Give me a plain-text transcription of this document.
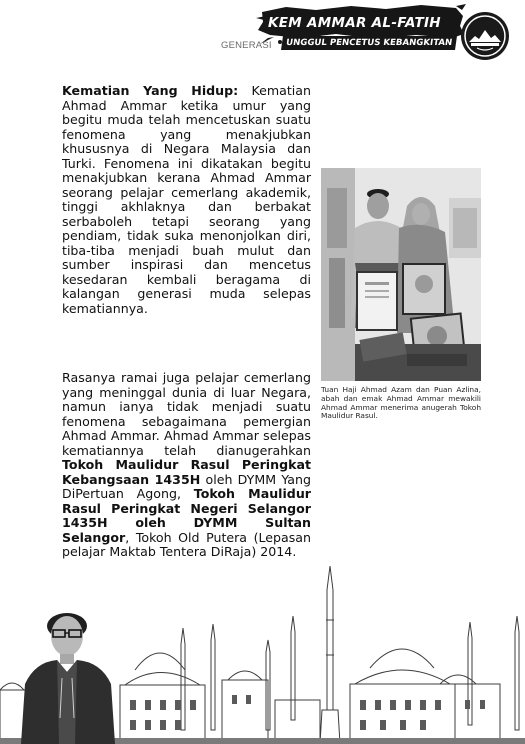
KEM AMMAR AL-FATIH
GENERASI	UNGGUL PENCETUS KEBANGKITAN
Kematian Yang Hidup: Kematian Ahmad Ammar ketika umur yang begitu muda telah mencetuskan suatu fenomena yang menakjubkan khususnya di Negara Malaysia dan Turki. Fenomena ini dikatakan begitu menakjubkan kerana Ahmad Ammar seorang pelajar cemerlang akademik, tinggi akhlaknya dan berbakat serbaboleh tetapi seorang yang pendiam, tidak suka menonjolkan diri, tiba-tiba menjadi buah mulut dan sumber inspirasi dan mencetus kesedaran kembali beragama di kalangan generasi muda selepas kematiannya.
Rasanya ramai juga pelajar cemerlang yang meninggal dunia di luar Negara, namun ianya tidak menjadi suatu fenomena sebagaimana pemergian Ahmad Ammar. Ahmad Ammar selepas kematiannya telah dianugerahkan Tokoh Maulidur Rasul Peringkat Kebangsaan 1435H oleh DYMM Yang DiPertuan Agong, Tokoh Maulidur Rasul Peringkat Negeri Selangor 1435H oleh DYMM Sultan Selangor, Tokoh Old Putera (Lepasan pelajar Maktab Tentera DiRaja) 2014.
Tuan Haji Ahmad Azam dan Puan Azlina, abah dan emak Ahmad Ammar mewakili Ahmad Ammar menerima anugerah Tokoh Maulidur Rasul.
